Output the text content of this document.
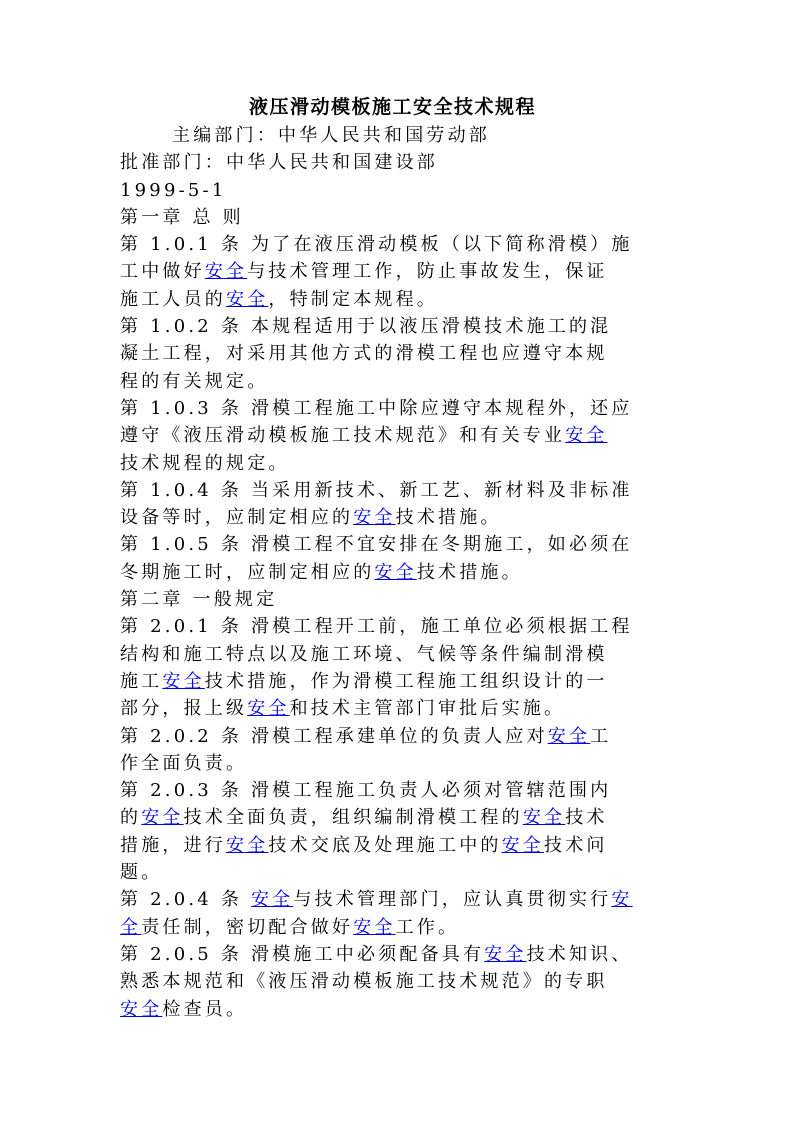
液压滑动模板施工安全技术规程
主编部门：中华人民共和国劳动部
批准部门：中华人民共和国建设部
1999-5-1
第一章 总 则
第 1.0.1 条 为了在液压滑动模板（以下简称滑模）施
工中做好安全与技术管理工作，防止事故发生，保证
施工人员的安全，特制定本规程。
第 1.0.2 条 本规程适用于以液压滑模技术施工的混
凝土工程，对采用其他方式的滑模工程也应遵守本规
程的有关规定。
第 1.0.3 条 滑模工程施工中除应遵守本规程外，还应
遵守《液压滑动模板施工技术规范》和有关专业安全
技术规程的规定。
第 1.0.4 条 当采用新技术、新工艺、新材料及非标准
设备等时，应制定相应的安全技术措施。
第 1.0.5 条 滑模工程不宜安排在冬期施工，如必须在
冬期施工时，应制定相应的安全技术措施。
第二章 一般规定
第 2.0.1 条 滑模工程开工前，施工单位必须根据工程
结构和施工特点以及施工环境、气候等条件编制滑模
施工安全技术措施，作为滑模工程施工组织设计的一
部分，报上级安全和技术主管部门审批后实施。
第 2.0.2 条 滑模工程承建单位的负责人应对安全工
作全面负责。
第 2.0.3 条 滑模工程施工负责人必须对管辖范围内
的安全技术全面负责，组织编制滑模工程的安全技术
措施，进行安全技术交底及处理施工中的安全技术问
题。
第 2.0.4 条 安全与技术管理部门，应认真贯彻实行安
全责任制，密切配合做好安全工作。
第 2.0.5 条 滑模施工中必须配备具有安全技术知识、
熟悉本规范和《液压滑动模板施工技术规范》的专职
安全检查员。
